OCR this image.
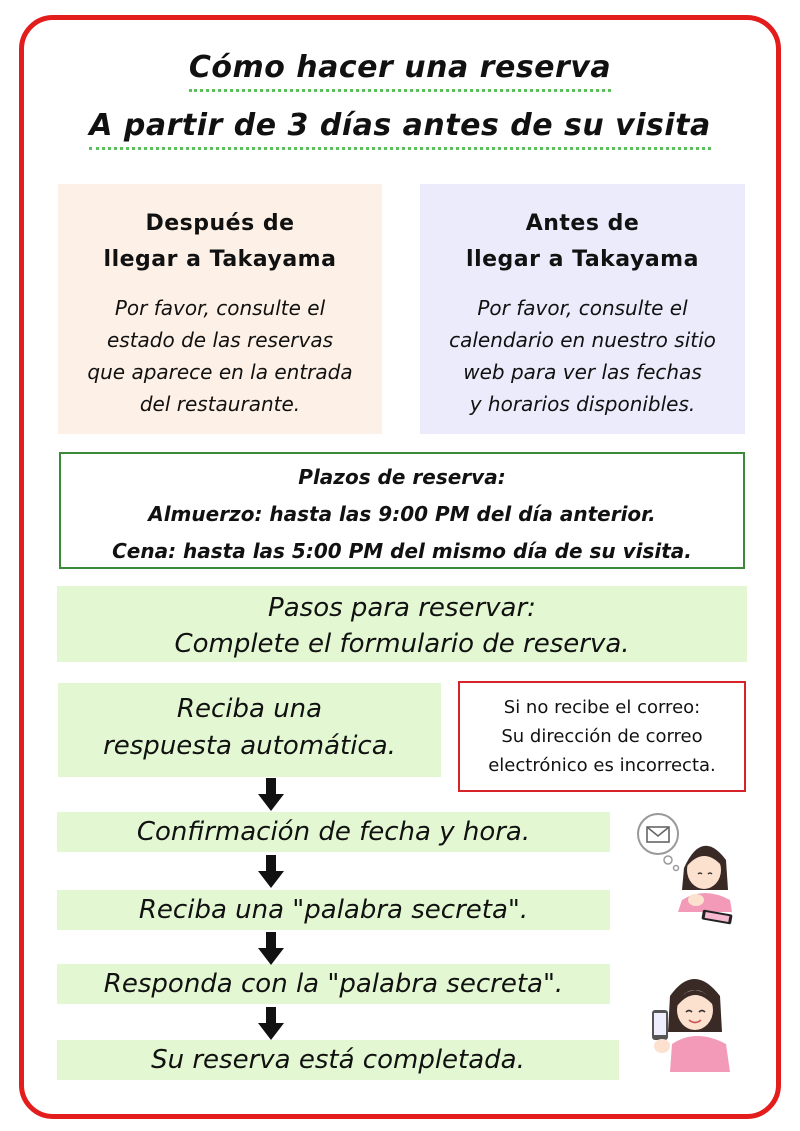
Cómo hacer una reserva
A partir de 3 días antes de su visita
Después de
llegar a Takayama
Por favor, consulte el
estado de las reservas
que aparece en la entrada
del restaurante.
Antes de
llegar a Takayama
Por favor, consulte el
calendario en nuestro sitio
web para ver las fechas
y horarios disponibles.
Plazos de reserva:
Almuerzo: hasta las 9:00 PM del día anterior.
Cena: hasta las 5:00 PM del mismo día de su visita.
Pasos para reservar:
Complete el formulario de reserva.
Reciba una
respuesta automática.
Si no recibe el correo:
Su dirección de correo
electrónico es incorrecta.
Confirmación de fecha y hora.
Reciba una "palabra secreta".
Responda con la "palabra secreta".
Su reserva está completada.
